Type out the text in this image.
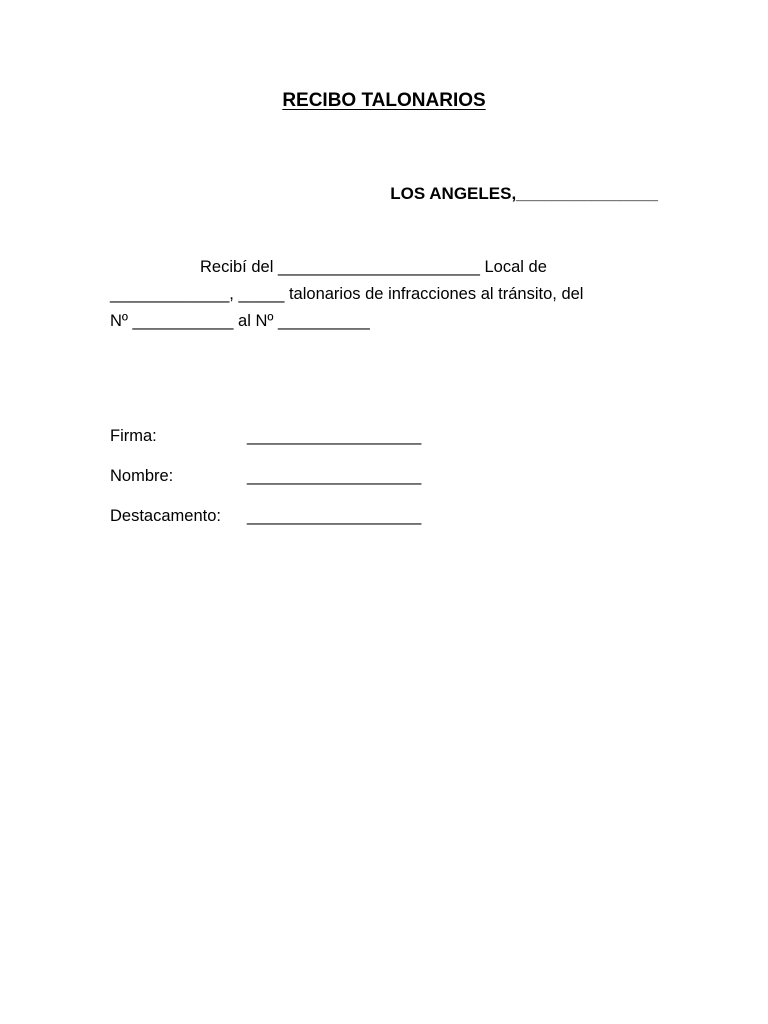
RECIBO TALONARIOS
LOS ANGELES,_______________
Recibí del ______________________ Local de
_____________, _____ talonarios de infracciones al tránsito, del
Nº ___________ al Nº __________
Firma:	___________________
Nombre:	___________________
Destacamento:	___________________
